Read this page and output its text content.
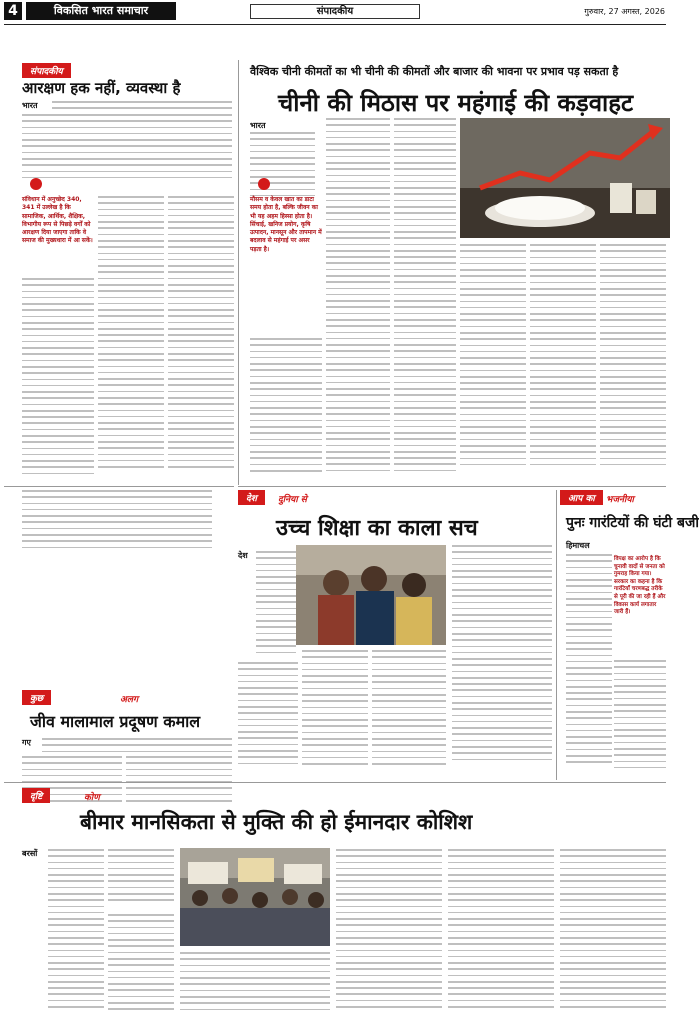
4	विकसित भारत समाचार	संपादकीय	गुरुवार, 27 अगस्त, 2026
संपादकीय
आरक्षण हक नहीं, व्यवस्था है
भारत
संविधान में अनुच्छेद 340, 341 में उल्लेख है कि सामाजिक, आर्थिक, शैक्षिक, विभागीय रूप से पिछड़े वर्गों को आरक्षण दिया जाएगा ताकि वे समाज की मुख्यधारा में आ सकें।
वैश्विक चीनी कीमतों का भी चीनी की कीमतों और बाजार की भावना पर प्रभाव पड़ सकता है
चीनी की मिठास पर महंगाई की कड़वाहट
भारत
मौसम व केवल खात का डाटा समय होता है, बल्कि जीवन का भी यह अहम हिस्सा होता है। सिंचाई, खनिज प्रयोग, कृषि उत्पादन, मानसून और तापमान में बदलाव से महंगाई पर असर पड़ता है।
देश	दुनिया से
उच्च शिक्षा का काला सच
देश
कुछ	अलग
जीव मालामाल प्रदूषण कमाल
गए
आप का	भजनीया
पुनः गारंटियों की घंटी बजी
हिमाचल
विपक्ष का आरोप है कि चुनावी वादों से जनता को गुमराह किया गया। सरकार का कहना है कि गारंटियाँ चरणबद्ध तरीके से पूरी की जा रही हैं और विकास कार्य लगातार जारी हैं।
दृष्टि	कोण
बीमार मानसिकता से मुक्ति की हो ईमानदार कोशिश
बरसों
